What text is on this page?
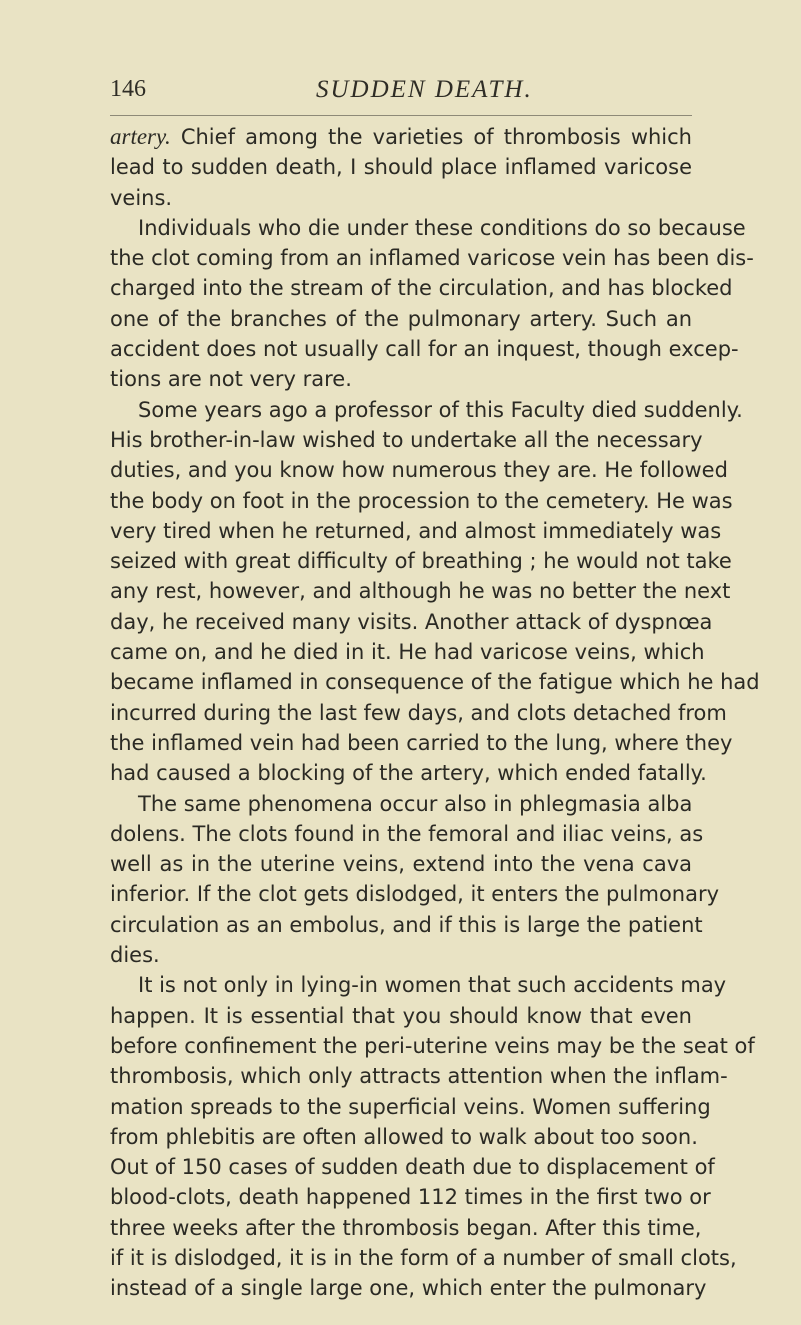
146	SUDDEN DEATH.
artery. Chief among the varieties of thrombosis which
lead to sudden death, I should place inflamed varicose
veins.
Individuals who die under these conditions do so because
the clot coming from an inflamed varicose vein has been dis-
charged into the stream of the circulation, and has blocked
one of the branches of the pulmonary artery. Such an
accident does not usually call for an inquest, though excep-
tions are not very rare.
Some years ago a professor of this Faculty died suddenly.
His brother-in-law wished to undertake all the necessary
duties, and you know how numerous they are. He followed
the body on foot in the procession to the cemetery. He was
very tired when he returned, and almost immediately was
seized with great difficulty of breathing ; he would not take
any rest, however, and although he was no better the next
day, he received many visits. Another attack of dyspnœa
came on, and he died in it. He had varicose veins, which
became inflamed in consequence of the fatigue which he had
incurred during the last few days, and clots detached from
the inflamed vein had been carried to the lung, where they
had caused a blocking of the artery, which ended fatally.
The same phenomena occur also in phlegmasia alba
dolens. The clots found in the femoral and iliac veins, as
well as in the uterine veins, extend into the vena cava
inferior. If the clot gets dislodged, it enters the pulmonary
circulation as an embolus, and if this is large the patient
dies.
It is not only in lying-in women that such accidents may
happen. It is essential that you should know that even
before confinement the peri-uterine veins may be the seat of
thrombosis, which only attracts attention when the inflam-
mation spreads to the superficial veins. Women suffering
from phlebitis are often allowed to walk about too soon.
Out of 150 cases of sudden death due to displacement of
blood-clots, death happened 112 times in the first two or
three weeks after the thrombosis began. After this time,
if it is dislodged, it is in the form of a number of small clots,
instead of a single large one, which enter the pulmonary
